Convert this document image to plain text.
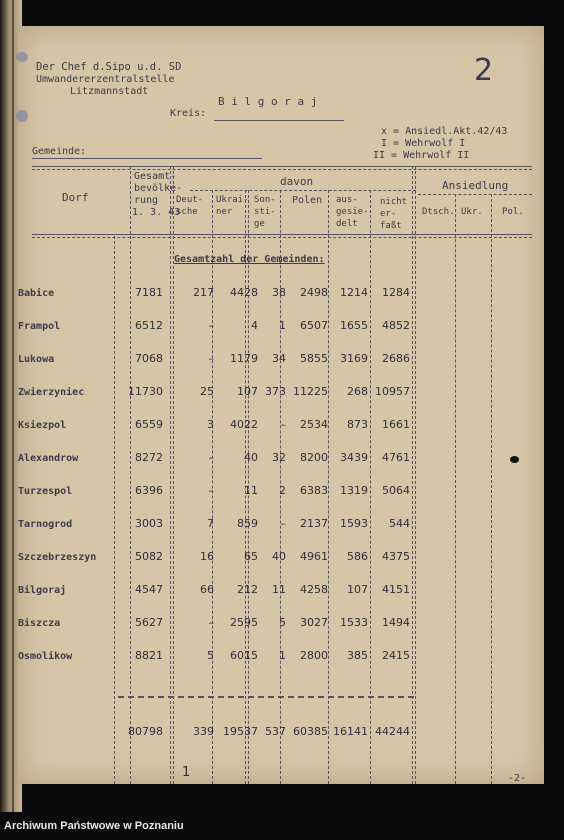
Der Chef d.Sipo u.d. SD
Umwandererzentralstelle
Litzmannstadt
2
B i l g o r a j
Kreis:
x = Ansiedl.Akt.42/43
I = Wehrwolf I
II = Wehrwolf II
Gemeinde:
Dorf
Gesamt-
bevölke-
rung
1. 3. 43
davon
Deut-
sche
Ukrai-
ner
Son-
sti-
ge
Polen aus-
gesie-
delt
nicht
er-
faßt
Ansiedlung
Dtsch. Ukr. Pol.
Gesamtzahl der Gemeinden:
Babice	7181	217 4428 38 2498 1214 1284
Frampol	6512	–	4 1 6507 1655 4852
Lukowa	7068	– 1179 34 5855 3169 2686
Zwierzyniec	11730	25 107 373 11225 268 10957
Ksiezpol	6559	3 4022 – 2534 873 1661
Alexandrow	8272	–	40 32 8200 3439 4761
Turzespol	6396	–	11 2 6383 1319 5064
Tarnogrod	3003	7 859 – 2137 1593 544
Szczebrzeszyn	5082	16	65 40 4961 586 4375
Bilgoraj	4547	66 212 11 4258 107 4151
Biszcza	5627	– 2595 5 3027 1533 1494
Osmolikow	8821	5 6015 1 2800 385 2415
80798	339 19537 537 60385 16141 44244
1	-2-
Archiwum Państwowe w Poznaniu
